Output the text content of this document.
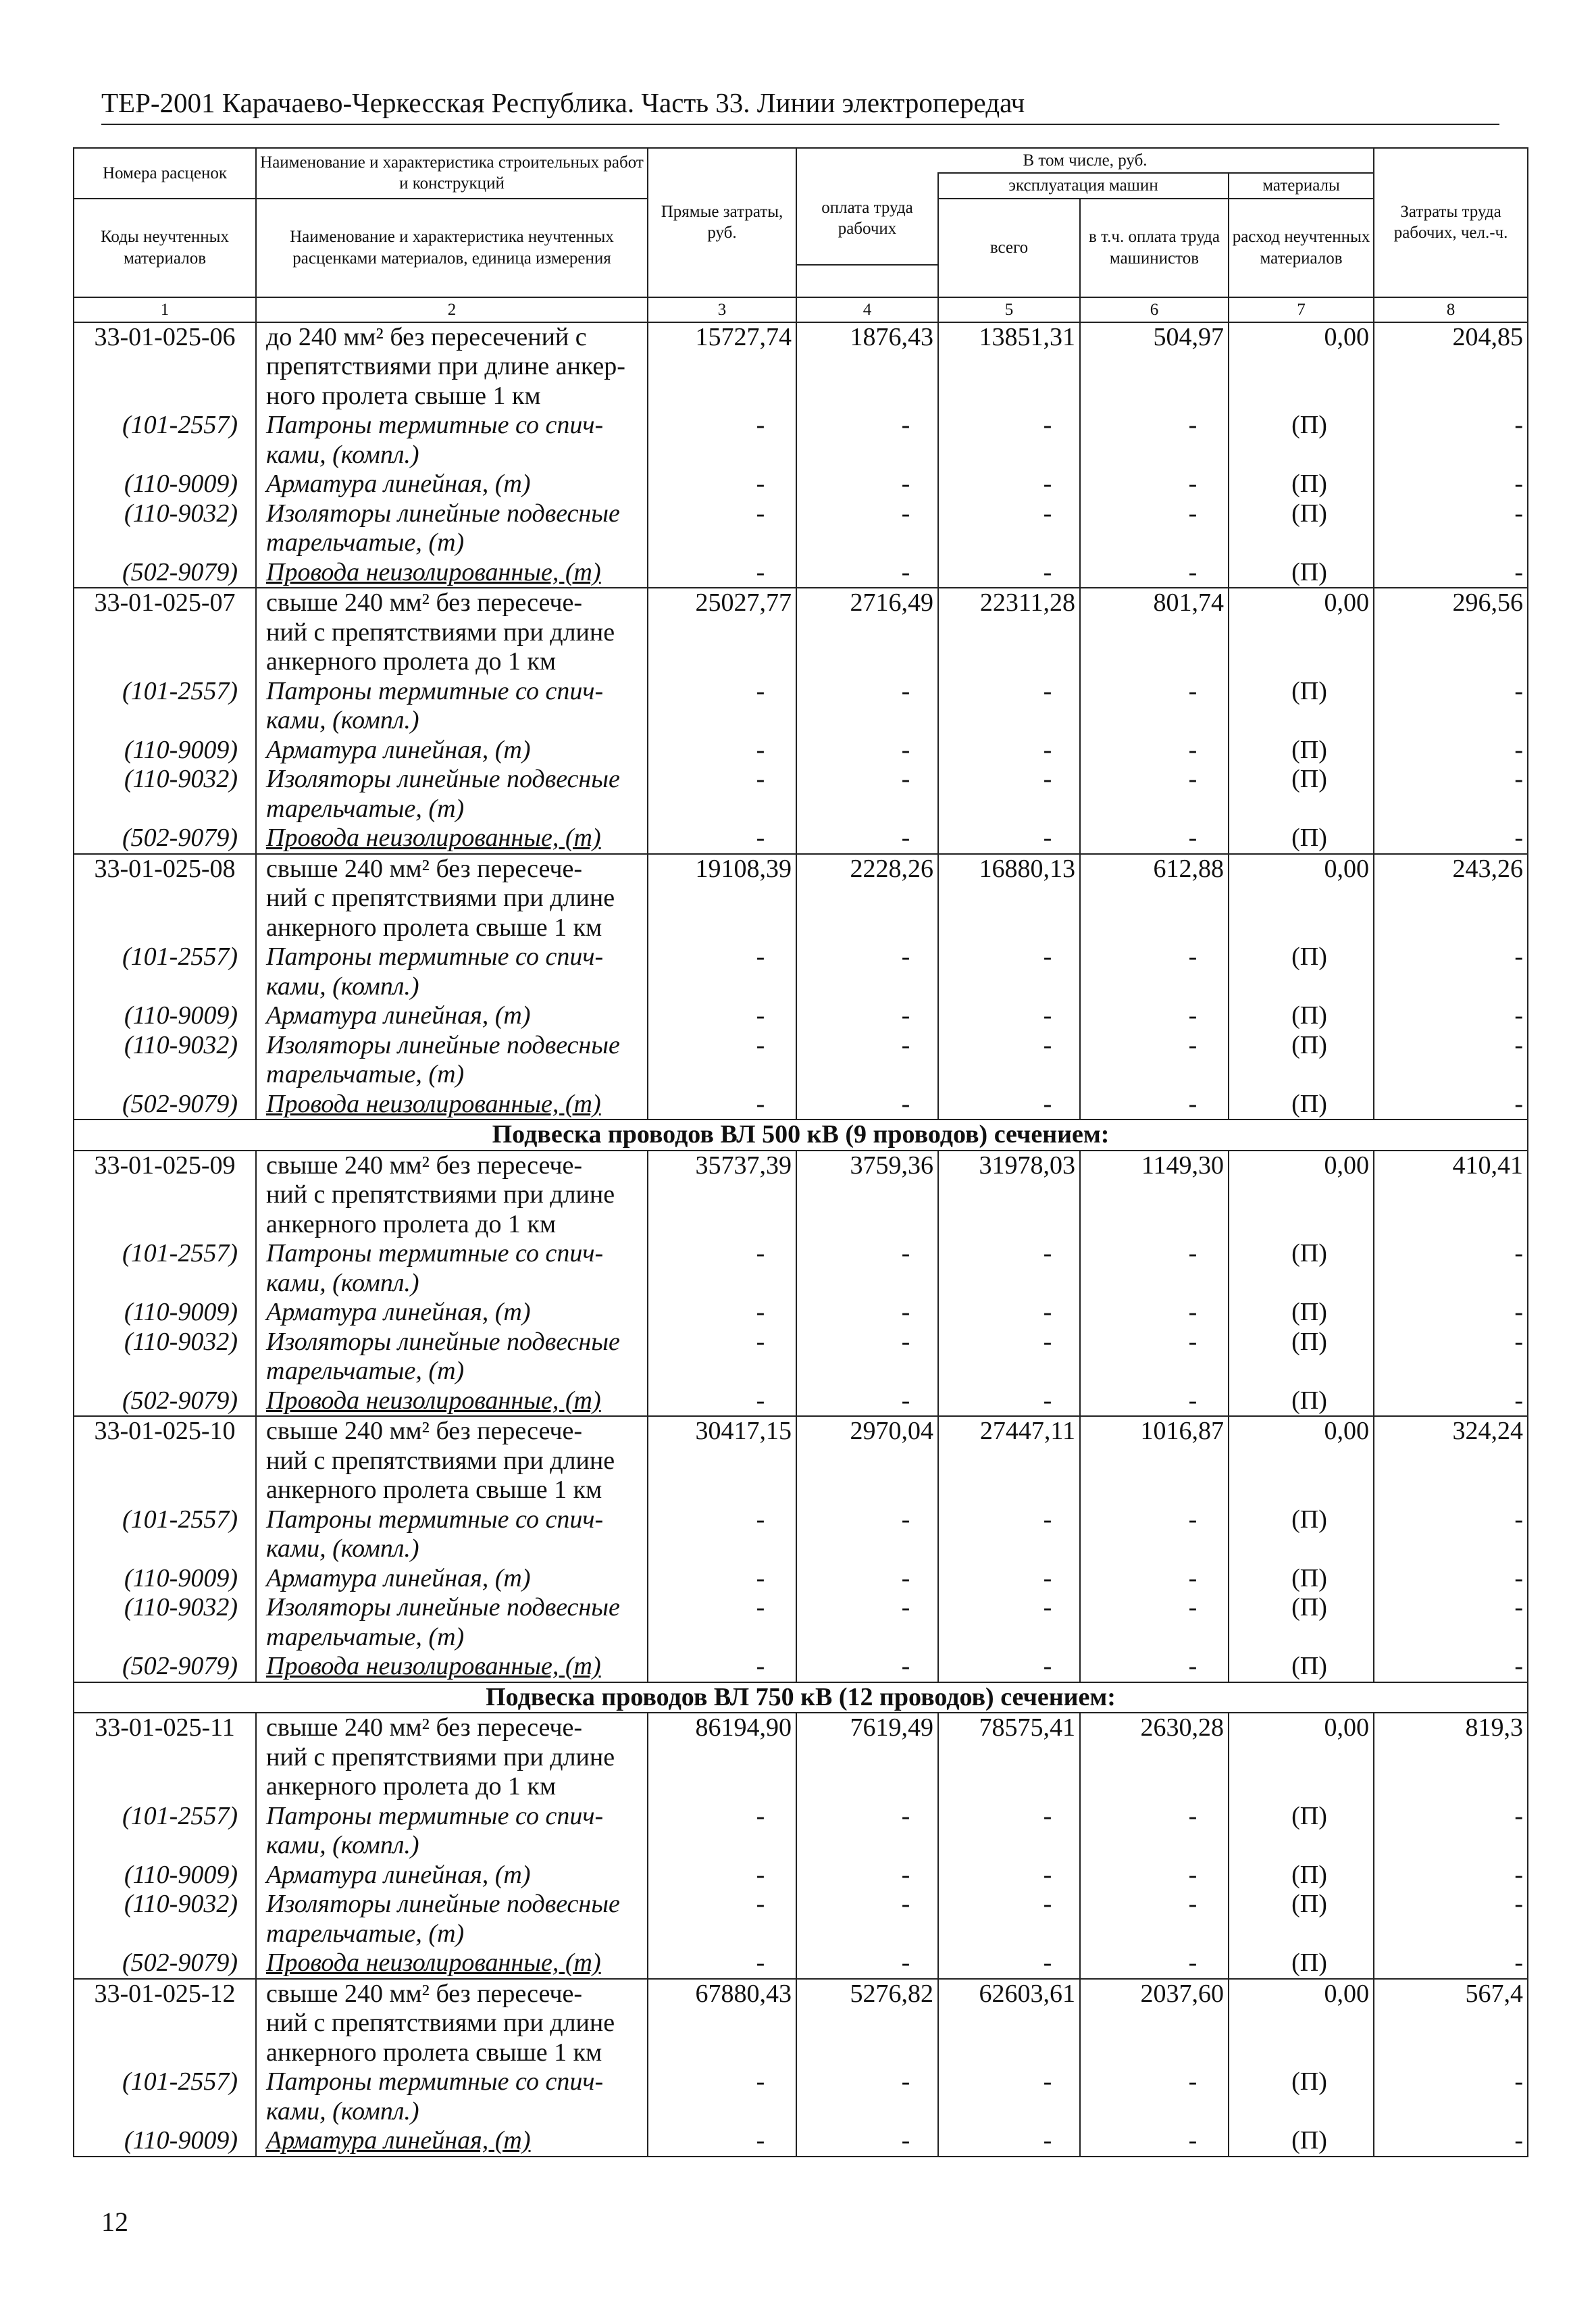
ТЕР-2001 Карачаево-Черкесская Республика. Часть 33. Линии электропередач
Номера расценок	Наименование и характеристика строительных работ и конструкций	Прямые затраты, руб.	В том числе, руб.				Затраты труда рабочих, чел.-ч.
			оплата труда рабочих	эксплуатация машин		материалы	
Коды неучтенных материалов	Наименование и характеристика неучтенных расценками материалов, единица измерения			всего	в т.ч. оплата труда машинистов	расход неучтенных материалов	

1	2	3	4	5	6	7	8
33-01-025-06	до 240 мм² без пересечений с	15727,74	1876,43	13851,31	504,97	0,00	204,85
	препятствиями при длине анкер-						
	ного пролета свыше 1 км						
(101-2557)	Патроны термитные со спич-	-	-	-	-	(П)	-
	ками, (компл.)						
(110-9009)	Арматура линейная, (т)	-	-	-	-	(П)	-
(110-9032)	Изоляторы линейные подвесные	-	-	-	-	(П)	-
	тарельчатые, (т)						
(502-9079)	Провода неизолированные, (т)	-	-	-	-	(П)	-
33-01-025-07	свыше 240 мм² без пересече-	25027,77	2716,49	22311,28	801,74	0,00	296,56
	ний с препятствиями при длине						
	анкерного пролета до 1 км						
(101-2557)	Патроны термитные со спич-	-	-	-	-	(П)	-
	ками, (компл.)						
(110-9009)	Арматура линейная, (т)	-	-	-	-	(П)	-
(110-9032)	Изоляторы линейные подвесные	-	-	-	-	(П)	-
	тарельчатые, (т)						
(502-9079)	Провода неизолированные, (т)	-	-	-	-	(П)	-
33-01-025-08	свыше 240 мм² без пересече-	19108,39	2228,26	16880,13	612,88	0,00	243,26
	ний с препятствиями при длине						
	анкерного пролета свыше 1 км						
(101-2557)	Патроны термитные со спич-	-	-	-	-	(П)	-
	ками, (компл.)						
(110-9009)	Арматура линейная, (т)	-	-	-	-	(П)	-
(110-9032)	Изоляторы линейные подвесные	-	-	-	-	(П)	-
	тарельчатые, (т)						
(502-9079)	Провода неизолированные, (т)	-	-	-	-	(П)	-
Подвеска проводов ВЛ 500 кВ (9 проводов) сечением:							
33-01-025-09	свыше 240 мм² без пересече-	35737,39	3759,36	31978,03	1149,30	0,00	410,41
	ний с препятствиями при длине						
	анкерного пролета до 1 км						
(101-2557)	Патроны термитные со спич-	-	-	-	-	(П)	-
	ками, (компл.)						
(110-9009)	Арматура линейная, (т)	-	-	-	-	(П)	-
(110-9032)	Изоляторы линейные подвесные	-	-	-	-	(П)	-
	тарельчатые, (т)						
(502-9079)	Провода неизолированные, (т)	-	-	-	-	(П)	-
33-01-025-10	свыше 240 мм² без пересече-	30417,15	2970,04	27447,11	1016,87	0,00	324,24
	ний с препятствиями при длине						
	анкерного пролета свыше 1 км						
(101-2557)	Патроны термитные со спич-	-	-	-	-	(П)	-
	ками, (компл.)						
(110-9009)	Арматура линейная, (т)	-	-	-	-	(П)	-
(110-9032)	Изоляторы линейные подвесные	-	-	-	-	(П)	-
	тарельчатые, (т)						
(502-9079)	Провода неизолированные, (т)	-	-	-	-	(П)	-
Подвеска проводов ВЛ 750 кВ (12 проводов) сечением:							
33-01-025-11	свыше 240 мм² без пересече-	86194,90	7619,49	78575,41	2630,28	0,00	819,3
	ний с препятствиями при длине						
	анкерного пролета до 1 км						
(101-2557)	Патроны термитные со спич-	-	-	-	-	(П)	-
	ками, (компл.)						
(110-9009)	Арматура линейная, (т)	-	-	-	-	(П)	-
(110-9032)	Изоляторы линейные подвесные	-	-	-	-	(П)	-
	тарельчатые, (т)						
(502-9079)	Провода неизолированные, (т)	-	-	-	-	(П)	-
33-01-025-12	свыше 240 мм² без пересече-	67880,43	5276,82	62603,61	2037,60	0,00	567,4
	ний с препятствиями при длине						
	анкерного пролета свыше 1 км						
(101-2557)	Патроны термитные со спич-	-	-	-	-	(П)	-
	ками, (компл.)						
(110-9009)	Арматура линейная, (т)	-	-	-	-	(П)	-
12
